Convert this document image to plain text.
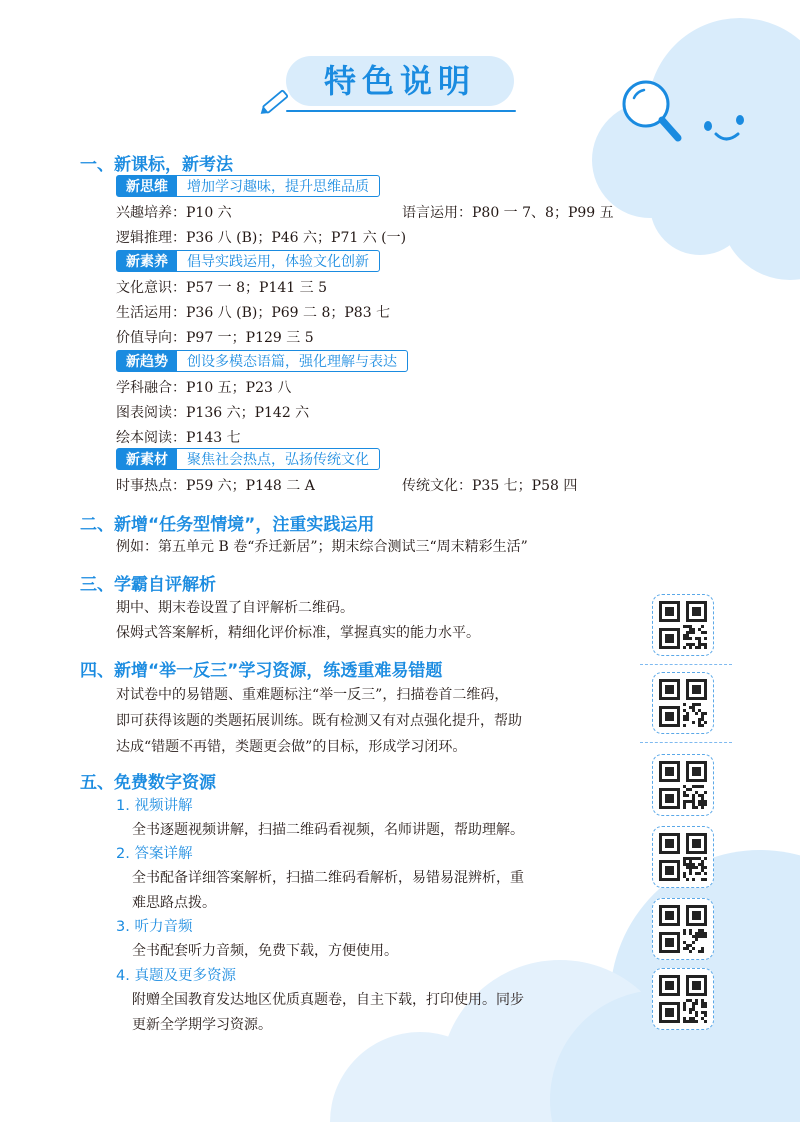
特色说明
一、新课标，新考法
新思维	增加学习趣味，提升思维品质
兴趣培养：P10 六	语言运用：P80 一 7、8；P99 五
逻辑推理：P36 八 (B)；P46 六；P71 六 (一)
新素养	倡导实践运用，体验文化创新
文化意识：P57 一 8；P141 三 5
生活运用：P36 八 (B)；P69 二 8；P83 七
价值导向：P97 一；P129 三 5
新趋势	创设多模态语篇，强化理解与表达
学科融合：P10 五；P23 八
图表阅读：P136 六；P142 六
绘本阅读：P143 七
新素材	聚焦社会热点，弘扬传统文化
时事热点：P59 六；P148 二 A	传统文化：P35 七；P58 四
二、新增“任务型情境”，注重实践运用
例如：第五单元 B 卷“乔迁新居”；期末综合测试三“周末精彩生活”
三、学霸自评解析
期中、期末卷设置了自评解析二维码。
保姆式答案解析，精细化评价标准，掌握真实的能力水平。
四、新增“举一反三”学习资源，练透重难易错题
对试卷中的易错题、重难题标注“举一反三”，扫描卷首二维码，
即可获得该题的类题拓展训练。既有检测又有对点强化提升，帮助
达成“错题不再错，类题更会做”的目标，形成学习闭环。
五、免费数字资源
1. 视频讲解
全书逐题视频讲解，扫描二维码看视频，名师讲题，帮助理解。
2. 答案详解
全书配备详细答案解析，扫描二维码看解析，易错易混辨析，重
难思路点拨。
3. 听力音频
全书配套听力音频，免费下载，方便使用。
4. 真题及更多资源
附赠全国教育发达地区优质真题卷，自主下载，打印使用。同步
更新全学期学习资源。
